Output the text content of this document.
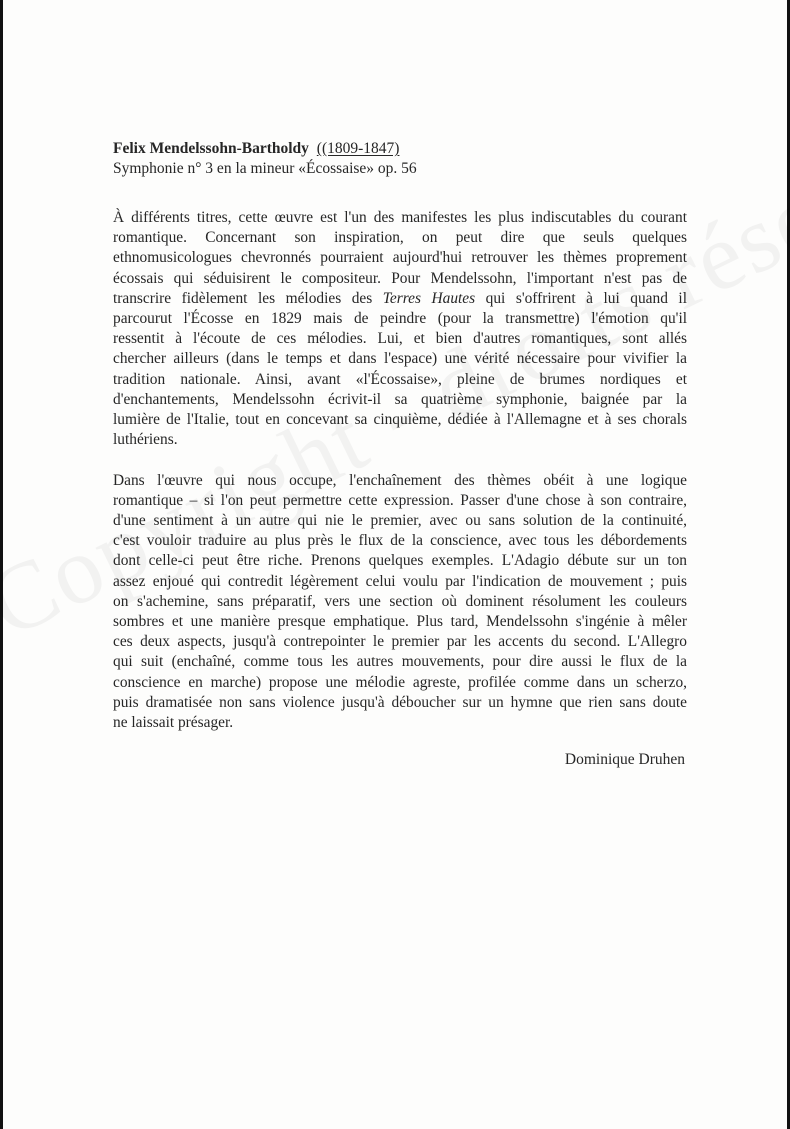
Felix Mendelssohn-Bartholdy ((1809-1847)
Symphonie n° 3 en la mineur «Écossaise» op. 56

À différents titres, cette œuvre est l'un des manifestes les plus indiscutables du courant
romantique. Concernant son inspiration, on peut dire que seuls quelques
ethnomusicologues chevronnés pourraient aujourd'hui retrouver les thèmes proprement
écossais qui séduisirent le compositeur. Pour Mendelssohn, l'important n'est pas de
transcrire fidèlement les mélodies des Terres Hautes qui s'offrirent à lui quand il
parcourut l'Écosse en 1829 mais de peindre (pour la transmettre) l'émotion qu'il
ressentit à l'écoute de ces mélodies. Lui, et bien d'autres romantiques, sont allés
chercher ailleurs (dans le temps et dans l'espace) une vérité nécessaire pour vivifier la
tradition nationale. Ainsi, avant «l'Écossaise», pleine de brumes nordiques et
d'enchantements, Mendelssohn écrivit-il sa quatrième symphonie, baignée par la
lumière de l'Italie, tout en concevant sa cinquième, dédiée à l'Allemagne et à ses chorals
luthériens.

Dans l'œuvre qui nous occupe, l'enchaînement des thèmes obéit à une logique
romantique – si l'on peut permettre cette expression. Passer d'une chose à son contraire,
d'une sentiment à un autre qui nie le premier, avec ou sans solution de la continuité,
c'est vouloir traduire au plus près le flux de la conscience, avec tous les débordements
dont celle-ci peut être riche. Prenons quelques exemples. L'Adagio débute sur un ton
assez enjoué qui contredit légèrement celui voulu par l'indication de mouvement ; puis
on s'achemine, sans préparatif, vers une section où dominent résolument les couleurs
sombres et une manière presque emphatique. Plus tard, Mendelssohn s'ingénie à mêler
ces deux aspects, jusqu'à contrepointer le premier par les accents du second. L'Allegro
qui suit (enchaîné, comme tous les autres mouvements, pour dire aussi le flux de la
conscience en marche) propose une mélodie agreste, profilée comme dans un scherzo,
puis dramatisée non sans violence jusqu'à déboucher sur un hymne que rien sans doute
ne laissait présager.

Dominique Druhen
